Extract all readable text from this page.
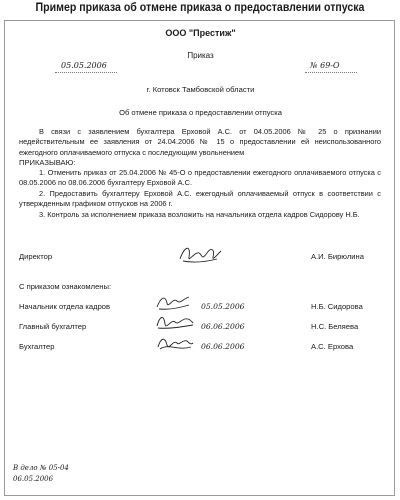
Пример приказа об отмене приказа о предоставлении отпуска
ООО "Престиж"
Приказ
05.05.2006	№ 69-О
г. Котовск Тамбовской области
Об отмене приказа о предоставлении отпуска
В связи с заявлением бухгалтера Ерховой А.С. от 04.05.2006 № 25 о признании недействительным ее заявления от 24.04.2006 № 15 о предоставлении ей неиспользованного ежегодного оплачиваемого отпуска с последующим увольнением
ПРИКАЗЫВАЮ:
1. Отменить приказ от 25.04.2006 № 45-О о предоставлении ежегодного оплачиваемого отпуска с 08.05.2006 по 08.06.2006 бухгалтеру Ерховой А.С.
2. Предоставить бухгалтеру Ерховой А.С. ежегодный оплачиваемый отпуск в соответствии с утвержденным графиком отпусков на 2006 г.
3. Контроль за исполнением приказа возложить на начальника отдела кадров Сидорову Н.Б.
Директор	А.И. Бирюлина
С приказом ознакомлены:
Начальник отдела кадров	05.05.2006	Н.Б. Сидорова
Главный бухгалтер	06.06.2006	Н.С. Беляева
Бухгалтер	06.06.2006	А.С. Ерхова
В дело № 05-04
06.05.2006
